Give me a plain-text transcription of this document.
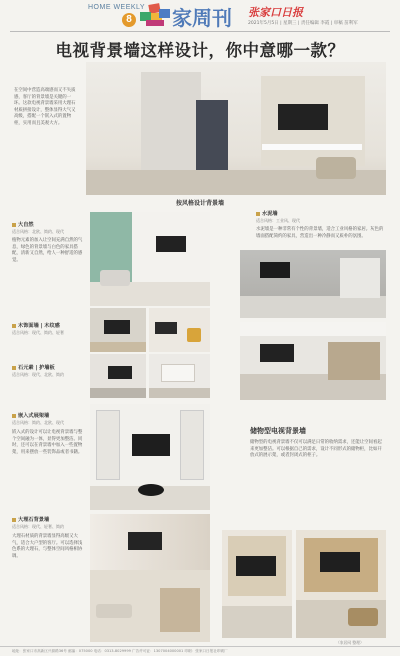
HOME WEEKLY
8 家周刊 张家口日报
2021年5月5日 | 星期三 | 责任编辑 李霞 | 审稿 苗利军
电视背景墙这样设计，你中意哪一款？
在空间中营造高端感而又不失质感，客厅的背景墙是关键的一环。这款电视背景墙采用大理石材质拼接设计，整体显得大气又高级，搭配一个嵌入式的置物柜，实用而且美观大方。
按风格设计背景墙
大自然
适合风格：北欧、简约、现代
植物元素的加入让空间充满自然的气息，绿色的背景墙与白色的家具搭配，清新又自然，给人一种舒适的感觉。
木饰面墙 | 木纹感
适合风格：现代、简约、轻奢
石元素 | 护墙板
适合风格：现代、北欧、简约
嵌入式展架墙
适合风格：简约、北欧、现代
嵌入式的设计可以让电视背景墙与整个空间融为一体，显得更加整洁。同时，还可以在背景墙中加入一些置物架，用来摆放一些装饰品或者书籍。
大理石背景墙
适合风格：现代、轻奢、简约
大理石材质的背景墙显得高级又大气，适合大户型的客厅。可以选择浅色系的大理石，与整体空间风格相协调。
水泥墙
适合风格：工业风、现代
水泥墙是一种非常有个性的背景墙，适合工业风格的家居。灰色的墙面搭配简约的家具，营造出一种冷静而又质朴的氛围。
储物型电视背景墙
储物型的电视背景墙不仅可以满足日常的收纳需求，还能让空间看起来更加整洁。可以根据自己的需求，设计不同形式的储物柜，比如开放式的展示架，或者封闭式的柜子。
（家居网 整理）
地址：张家口市高新区兴源路36号 邮编：075000 电话：0313-8029999 广告许可证：1307004000001 印刷：张家口日报社印刷厂
